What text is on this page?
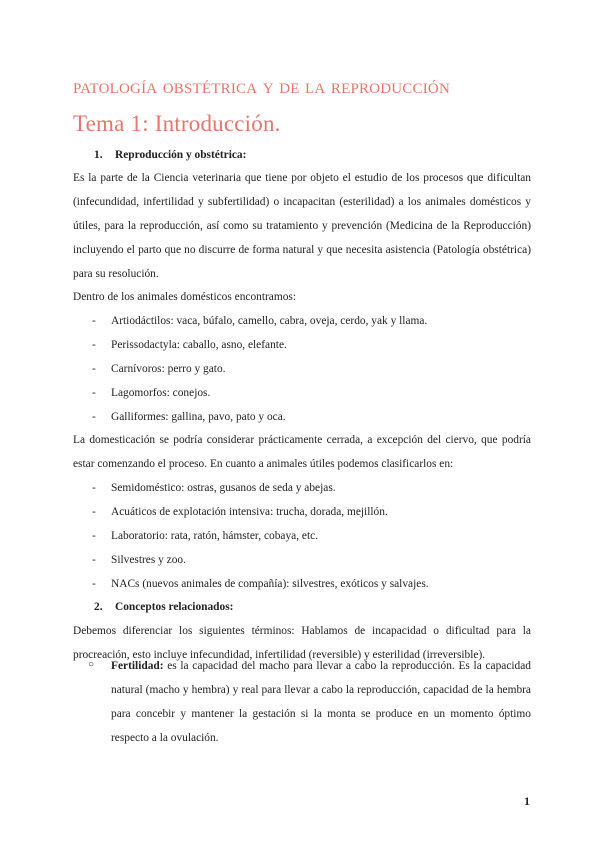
patología obstétrica y de la reproducción
Tema 1: Introducción.
1. Reproducción y obstétrica:
Es la parte de la Ciencia veterinaria que tiene por objeto el estudio de los procesos que dificultan (infecundidad, infertilidad y subfertilidad) o incapacitan (esterilidad) a los animales domésticos y útiles, para la reproducción, así como su tratamiento y prevención (Medicina de la Reproducción) incluyendo el parto que no discurre de forma natural y que necesita asistencia (Patología obstétrica) para su resolución.
Dentro de los animales domésticos encontramos:
- Artiodáctilos: vaca, búfalo, camello, cabra, oveja, cerdo, yak y llama.
- Perissodactyla: caballo, asno, elefante.
- Carnívoros: perro y gato.
- Lagomorfos: conejos.
- Galliformes: gallina, pavo, pato y oca.
La domesticación se podría considerar prácticamente cerrada, a excepción del ciervo, que podría estar comenzando el proceso. En cuanto a animales útiles podemos clasificarlos en:
- Semidoméstico: ostras, gusanos de seda y abejas.
- Acuáticos de explotación intensiva: trucha, dorada, mejillón.
- Laboratorio: rata, ratón, hámster, cobaya, etc.
- Silvestres y zoo.
- NACs (nuevos animales de compañía): silvestres, exóticos y salvajes.
2. Conceptos relacionados:
Debemos diferenciar los siguientes términos: Hablamos de incapacidad o dificultad para la procreación, esto incluye infecundidad, infertilidad (reversible) y esterilidad (irreversible).
○ Fertilidad: es la capacidad del macho para llevar a cabo la reproducción. Es la capacidad natural (macho y hembra) y real para llevar a cabo la reproducción, capacidad de la hembra para concebir y mantener la gestación si la monta se produce en un momento óptimo respecto a la ovulación.
1
